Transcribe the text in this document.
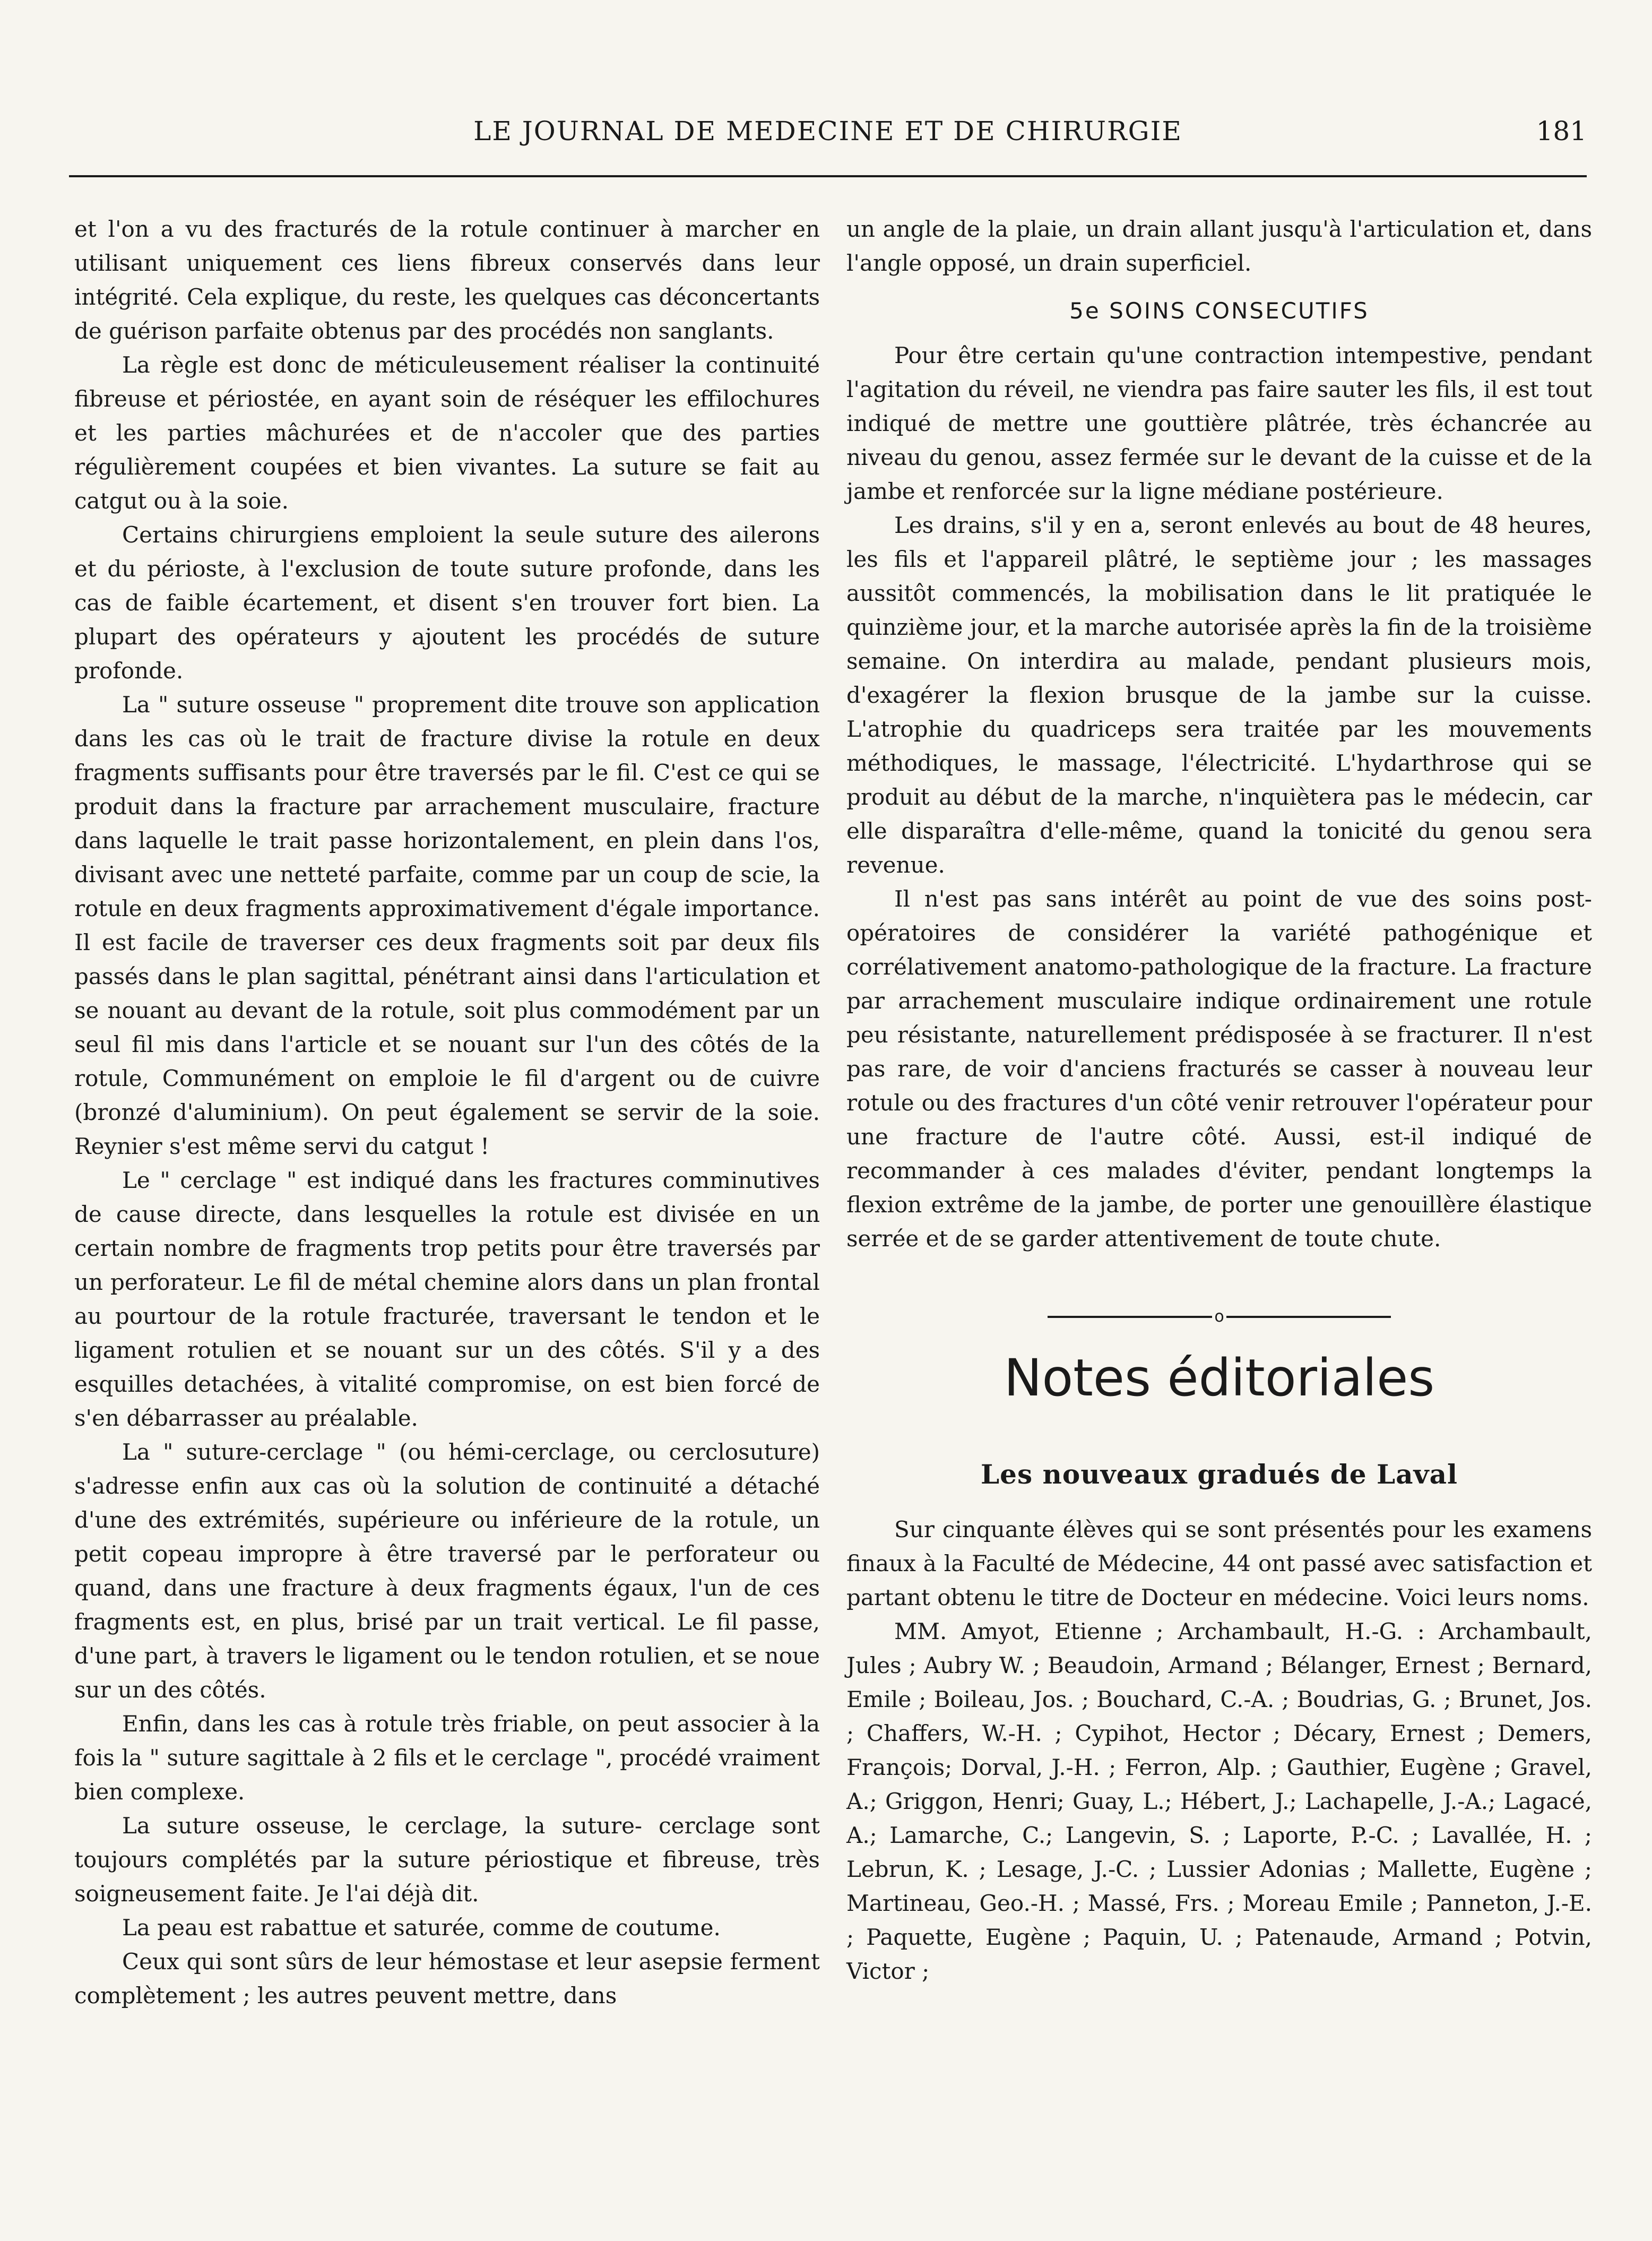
LE JOURNAL DE MEDECINE ET DE CHIRURGIE	181

et l'on a vu des fracturés de la rotule continuer à marcher en utilisant uniquement ces liens fibreux conservés dans leur intégrité. Cela explique, du reste, les quelques cas déconcertants de guérison parfaite obtenus par des procédés non sanglants.

La règle est donc de méticuleusement réaliser la continuité fibreuse et périostée, en ayant soin de réséquer les effilochures et les parties mâchurées et de n'accoler que des parties régulièrement coupées et bien vivantes. La suture se fait au catgut ou à la soie.

Certains chirurgiens emploient la seule suture des ailerons et du périoste, à l'exclusion de toute suture profonde, dans les cas de faible écartement, et disent s'en trouver fort bien. La plupart des opérateurs y ajoutent les procédés de suture profonde.

La " suture osseuse " proprement dite trouve son application dans les cas où le trait de fracture divise la rotule en deux fragments suffisants pour être traversés par le fil. C'est ce qui se produit dans la fracture par arrachement musculaire, fracture dans laquelle le trait passe horizontalement, en plein dans l'os, divisant avec une netteté parfaite, comme par un coup de scie, la rotule en deux fragments approximativement d'égale importance. Il est facile de traverser ces deux fragments soit par deux fils passés dans le plan sagittal, pénétrant ainsi dans l'articulation et se nouant au devant de la rotule, soit plus commodément par un seul fil mis dans l'article et se nouant sur l'un des côtés de la rotule, Communément on emploie le fil d'argent ou de cuivre (bronzé d'aluminium). On peut également se servir de la soie. Reynier s'est même servi du catgut !

Le " cerclage " est indiqué dans les fractures comminutives de cause directe, dans lesquelles la rotule est divisée en un certain nombre de fragments trop petits pour être traversés par un perforateur. Le fil de métal chemine alors dans un plan frontal au pourtour de la rotule fracturée, traversant le tendon et le ligament rotulien et se nouant sur un des côtés. S'il y a des esquilles detachées, à vitalité compromise, on est bien forcé de s'en débarrasser au préalable.

La " suture-cerclage " (ou hémi-cerclage, ou cerclosuture) s'adresse enfin aux cas où la solution de continuité a détaché d'une des extrémités, supérieure ou inférieure de la rotule, un petit copeau impropre à être traversé par le perforateur ou quand, dans une fracture à deux fragments égaux, l'un de ces fragments est, en plus, brisé par un trait vertical. Le fil passe, d'une part, à travers le ligament ou le tendon rotulien, et se noue sur un des côtés.

Enfin, dans les cas à rotule très friable, on peut associer à la fois la " suture sagittale à 2 fils et le cerclage ", procédé vraiment bien complexe.

La suture osseuse, le cerclage, la suture- cerclage sont toujours complétés par la suture périostique et fibreuse, très soigneusement faite. Je l'ai déjà dit.

La peau est rabattue et saturée, comme de coutume.

Ceux qui sont sûrs de leur hémostase et leur asepsie ferment complètement ; les autres peuvent mettre, dans

un angle de la plaie, un drain allant jusqu'à l'articulation et, dans l'angle opposé, un drain superficiel.

5e SOINS CONSECUTIFS

Pour être certain qu'une contraction intempestive, pendant l'agitation du réveil, ne viendra pas faire sauter les fils, il est tout indiqué de mettre une gouttière plâtrée, très échancrée au niveau du genou, assez fermée sur le devant de la cuisse et de la jambe et renforcée sur la ligne médiane postérieure.

Les drains, s'il y en a, seront enlevés au bout de 48 heures, les fils et l'appareil plâtré, le septième jour ; les massages aussitôt commencés, la mobilisation dans le lit pratiquée le quinzième jour, et la marche autorisée après la fin de la troisième semaine. On interdira au malade, pendant plusieurs mois, d'exagérer la flexion brusque de la jambe sur la cuisse. L'atrophie du quadriceps sera traitée par les mouvements méthodiques, le massage, l'électricité. L'hydarthrose qui se produit au début de la marche, n'inquiètera pas le médecin, car elle disparaîtra d'elle-même, quand la tonicité du genou sera revenue.

Il n'est pas sans intérêt au point de vue des soins post-opératoires de considérer la variété pathogénique et corrélativement anatomo-pathologique de la fracture. La fracture par arrachement musculaire indique ordinairement une rotule peu résistante, naturellement prédisposée à se fracturer. Il n'est pas rare, de voir d'anciens fracturés se casser à nouveau leur rotule ou des fractures d'un côté venir retrouver l'opérateur pour une fracture de l'autre côté. Aussi, est-il indiqué de recommander à ces malades d'éviter, pendant longtemps la flexion extrême de la jambe, de porter une genouillère élastique serrée et de se garder attentivement de toute chute.

o
Notes éditoriales
Les nouveaux gradués de Laval

Sur cinquante élèves qui se sont présentés pour les examens finaux à la Faculté de Médecine, 44 ont passé avec satisfaction et partant obtenu le titre de Docteur en médecine. Voici leurs noms.

MM. Amyot, Etienne ; Archambault, H.-G. : Archambault, Jules ; Aubry W. ; Beaudoin, Armand ; Bélanger, Ernest ; Bernard, Emile ; Boileau, Jos. ; Bouchard, C.-A. ; Boudrias, G. ; Brunet, Jos. ; Chaffers, W.-H. ; Cypihot, Hector ; Décary, Ernest ; Demers, François; Dorval, J.-H. ; Ferron, Alp. ; Gauthier, Eugène ; Gravel, A.; Griggon, Henri; Guay, L.; Hébert, J.; Lachapelle, J.-A.; Lagacé, A.; Lamarche, C.; Langevin, S. ; Laporte, P.-C. ; Lavallée, H. ; Lebrun, K. ; Lesage, J.-C. ; Lussier Adonias ; Mallette, Eugène ; Martineau, Geo.-H. ; Massé, Frs. ; Moreau Emile ; Panneton, J.-E. ; Paquette, Eugène ; Paquin, U. ; Patenaude, Armand ; Potvin, Victor ;
